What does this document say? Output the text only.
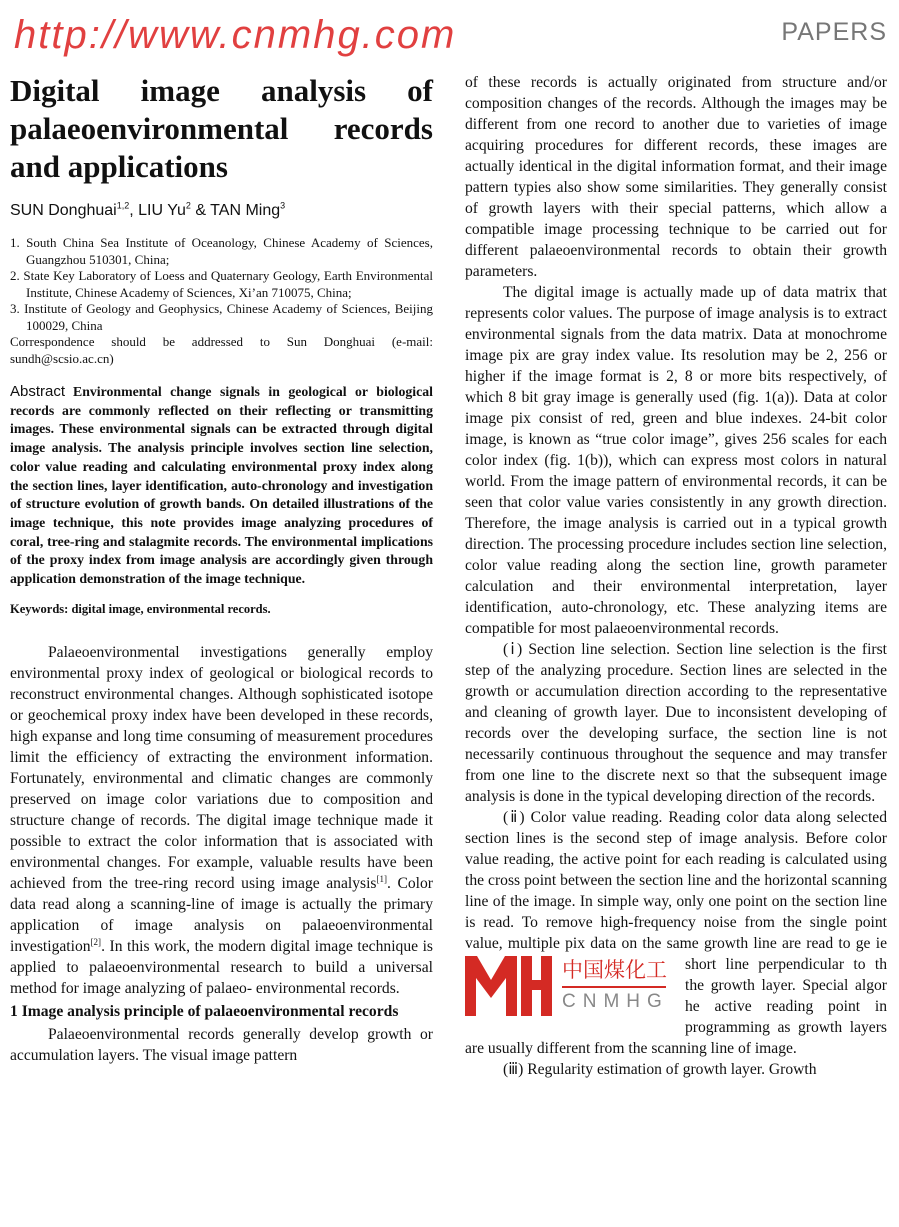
http://www.cnmhg.com	PAPERS
Digital image analysis of palaeoenvironmental records and applications
SUN Donghuai$^{1,2}$, LIU Yu$^2$ & TAN Ming$^3$
1. South China Sea Institute of Oceanology, Chinese Academy of Sciences, Guangzhou 510301, China;
2. State Key Laboratory of Loess and Quaternary Geology, Earth Environmental Institute, Chinese Academy of Sciences, Xi’an 710075, China;
3. Institute of Geology and Geophysics, Chinese Academy of Sciences, Beijing 100029, China
Correspondence should be addressed to Sun Donghuai (e-mail: sundh@scsio.ac.cn)
Abstract Environmental change signals in geological or biological records are commonly reflected on their reflecting or transmitting images. These environmental signals can be extracted through digital image analysis. The analysis principle involves section line selection, color value reading and calculating environmental proxy index along the section lines, layer identification, auto-chronology and investigation of structure evolution of growth bands. On detailed illustrations of the image technique, this note provides image analyzing procedures of coral, tree-ring and stalagmite records. The environmental implications of the proxy index from image analysis are accordingly given through application demonstration of the image technique.
Keywords: digital image, environmental records.

Palaeoenvironmental investigations generally employ environmental proxy index of geological or biological records to reconstruct environmental changes. Although sophisticated isotope or geochemical proxy index have been developed in these records, high expanse and long time consuming of measurement procedures limit the efficiency of extracting the environment information. Fortunately, environmental and climatic changes are commonly preserved on image color variations due to composition and structure change of records. The digital image technique made it possible to extract the color information that is associated with environmental changes. For example, valuable results have been achieved from the tree-ring record using image analysis[1]. Color data read along a scanning-line of image is actually the primary application of image analysis on palaeoenvironmental investigation[2]. In this work, the modern digital image technique is applied to palaeoenvironmental research to build a universal method for image analyzing of palaeo- environmental records.

1 Image analysis principle of palaeoenvironmental records

Palaeoenvironmental records generally develop growth or accumulation layers. The visual image pattern

of these records is actually originated from structure and/or composition changes of the records. Although the images may be different from one record to another due to varieties of image acquiring procedures for different records, these images are actually identical in the digital information format, and their image pattern typies also show some similarities. They generally consist of growth layers with their special patterns, which allow a compatible image processing technique to be carried out for different palaeoenvironmental records to obtain their growth parameters.

The digital image is actually made up of data matrix that represents color values. The purpose of image analysis is to extract environmental signals from the data matrix. Data at monochrome image pix are gray index value. Its resolution may be 2, 256 or higher if the image format is 2, 8 or more bits respectively, of which 8 bit gray image is generally used (fig. 1(a)). Data at color image pix consist of red, green and blue indexes. 24-bit color image, is known as “true color image”, gives 256 scales for each color index (fig. 1(b)), which can express most colors in natural world. From the image pattern of environmental records, it can be seen that color value varies consistently in any growth direction. Therefore, the image analysis is carried out in a typical growth direction. The processing procedure includes section line selection, color value reading along the section line, growth parameter calculation and their environmental interpretation, layer identification, auto-chronology, etc. These analyzing items are compatible for most palaeoenvironmental records.

(ⅰ) Section line selection. Section line selection is the first step of the analyzing procedure. Section lines are selected in the growth or accumulation direction according to the representative and cleaning of growth layer. Due to inconsistent developing of records over the developing surface, the section line is not necessarily continuous throughout the sequence and may transfer from one line to the discrete next so that the subsequent image analysis is done in the typical developing direction of the records.

(ⅱ) Color value reading. Reading color data along selected section lines is the second step of image analysis. Before color value reading, the active point for each reading is calculated using the cross point between the section line and the horizontal scanning line of the image. In simple way, only one point on the section line is read. To remove high-frequency noise from the single point value, multiple pix data on the same growth line are read to ge
中国煤化工
CNMHG
ie short line perpendicular to th the growth layer. Special algor he active reading point in programming as growth layers are usually different from the scanning line of image.

(ⅲ) Regularity estimation of growth layer. Growth
